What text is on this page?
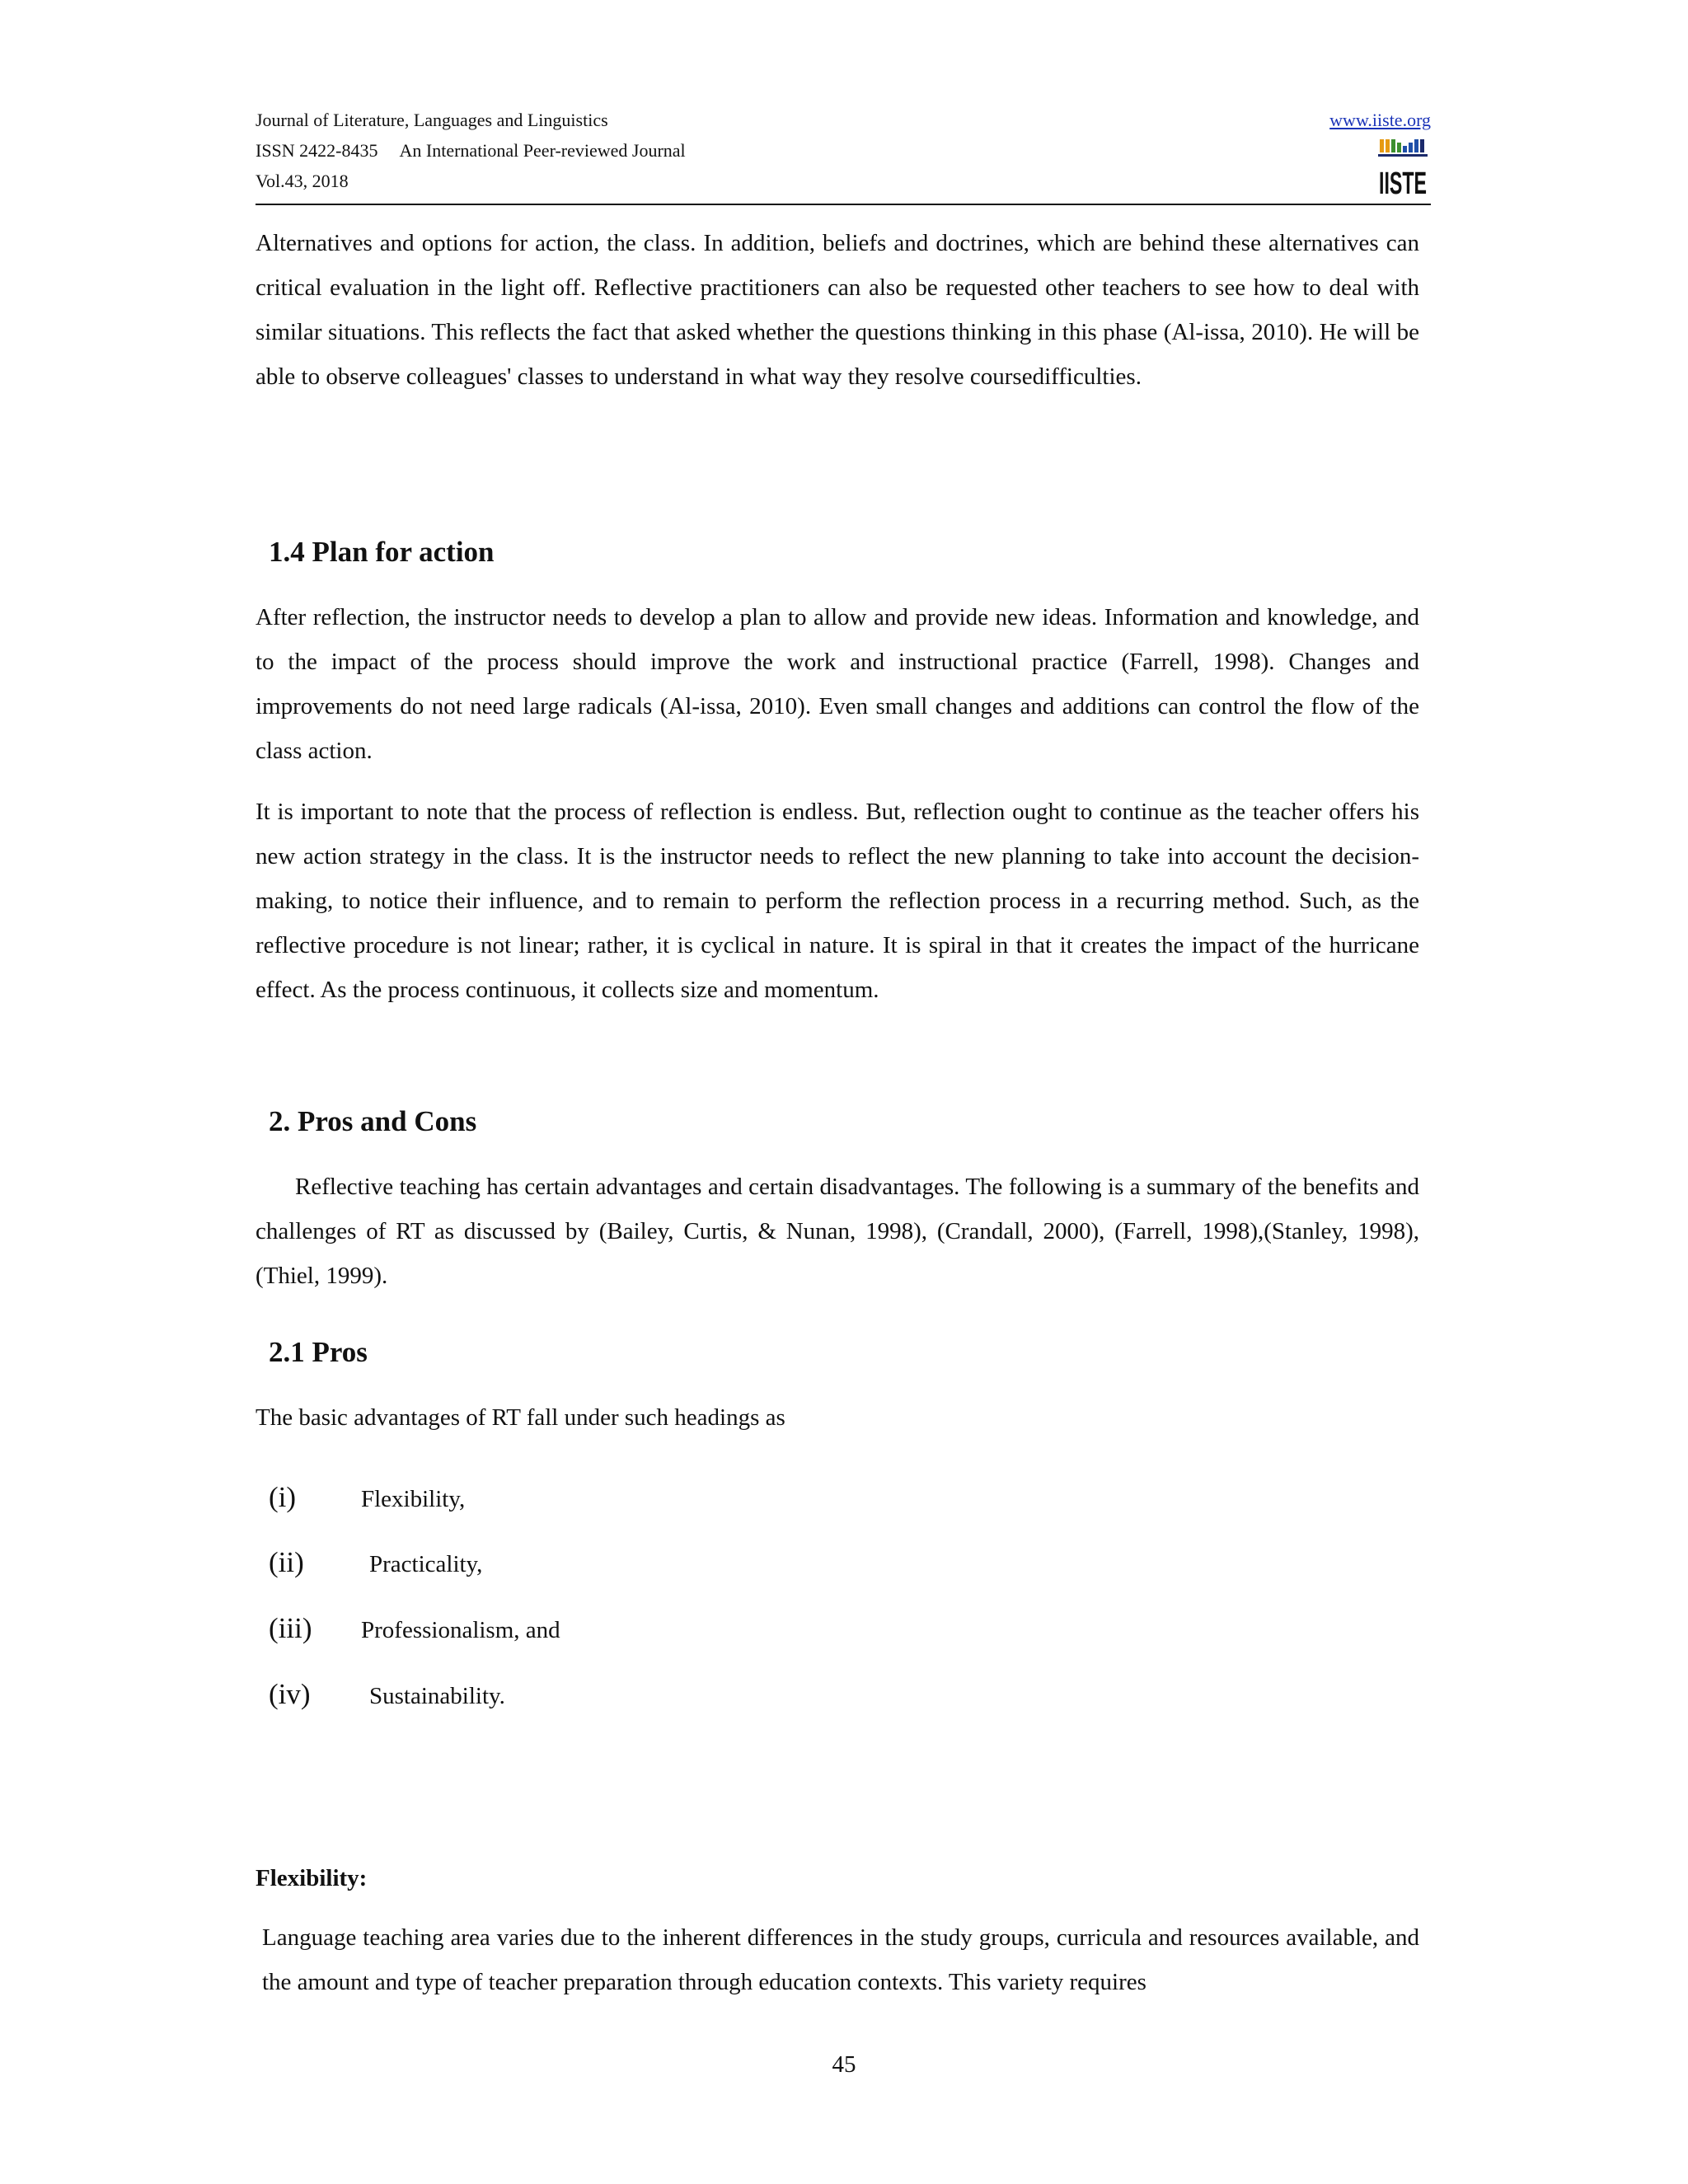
Journal of Literature, Languages and Linguistics
ISSN 2422-8435 An International Peer-reviewed Journal
Vol.43, 2018
www.iiste.org
IISTE

Alternatives and options for action, the class. In addition, beliefs and doctrines, which are behind these alternatives can critical evaluation in the light off. Reflective practitioners can also be requested other teachers to see how to deal with similar situations. This reflects the fact that asked whether the questions thinking in this phase (Al-issa, 2010). He will be able to observe colleagues' classes to understand in what way they resolve coursedifficulties.

1.4 Plan for action

After reflection, the instructor needs to develop a plan to allow and provide new ideas. Information and knowledge, and to the impact of the process should improve the work and instructional practice (Farrell, 1998). Changes and improvements do not need large radicals (Al-issa, 2010). Even small changes and additions can control the flow of the class action.

It is important to note that the process of reflection is endless. But, reflection ought to continue as the teacher offers his new action strategy in the class. It is the instructor needs to reflect the new planning to take into account the decision-making, to notice their influence, and to remain to perform the reflection process in a recurring method. Such, as the reflective procedure is not linear; rather, it is cyclical in nature. It is spiral in that it creates the impact of the hurricane effect. As the process continuous, it collects size and momentum.

2. Pros and Cons

Reflective teaching has certain advantages and certain disadvantages. The following is a summary of the benefits and challenges of RT as discussed by (Bailey, Curtis, & Nunan, 1998), (Crandall, 2000), (Farrell, 1998),(Stanley, 1998), (Thiel, 1999).

2.1 Pros

The basic advantages of RT fall under such headings as

(i)	Flexibility,
(ii)	Practicality,
(iii) Professionalism, and
(iv) Sustainability.
Flexibility:

Language teaching area varies due to the inherent differences in the study groups, curricula and resources available, and the amount and type of teacher preparation through education contexts. This variety requires

45
